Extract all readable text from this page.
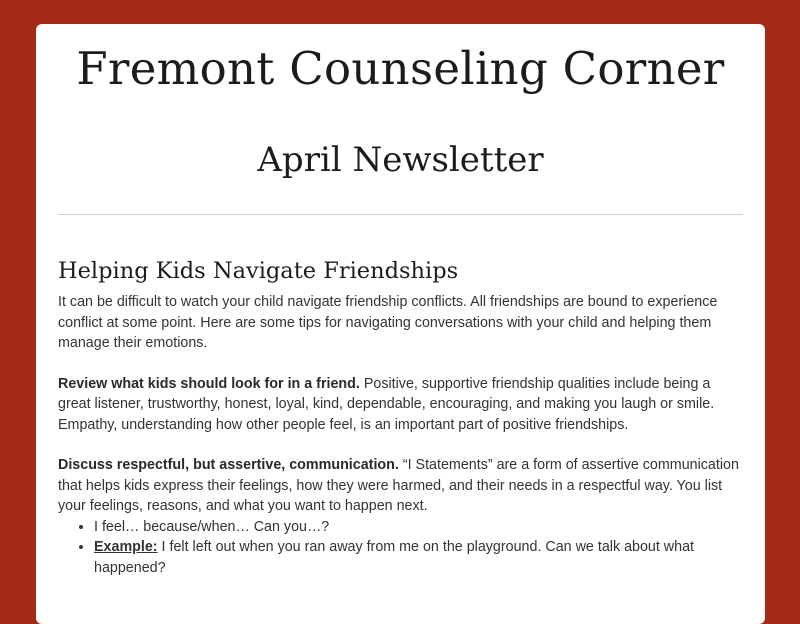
Fremont Counseling Corner
April Newsletter
Helping Kids Navigate Friendships

It can be difficult to watch your child navigate friendship conflicts. All friendships are bound to experience conflict at some point. Here are some tips for navigating conversations with your child and helping them manage their emotions.

Review what kids should look for in a friend. Positive, supportive friendship qualities include being a great listener, trustworthy, honest, loyal, kind, dependable, encouraging, and making you laugh or smile. Empathy, understanding how other people feel, is an important part of positive friendships.

Discuss respectful, but assertive, communication. “I Statements” are a form of assertive communication that helps kids express their feelings, how they were harmed, and their needs in a respectful way. You list your feelings, reasons, and what you want to happen next.

• I feel… because/when… Can you…?
• Example: I felt left out when you ran away from me on the playground. Can we talk about what happened?
